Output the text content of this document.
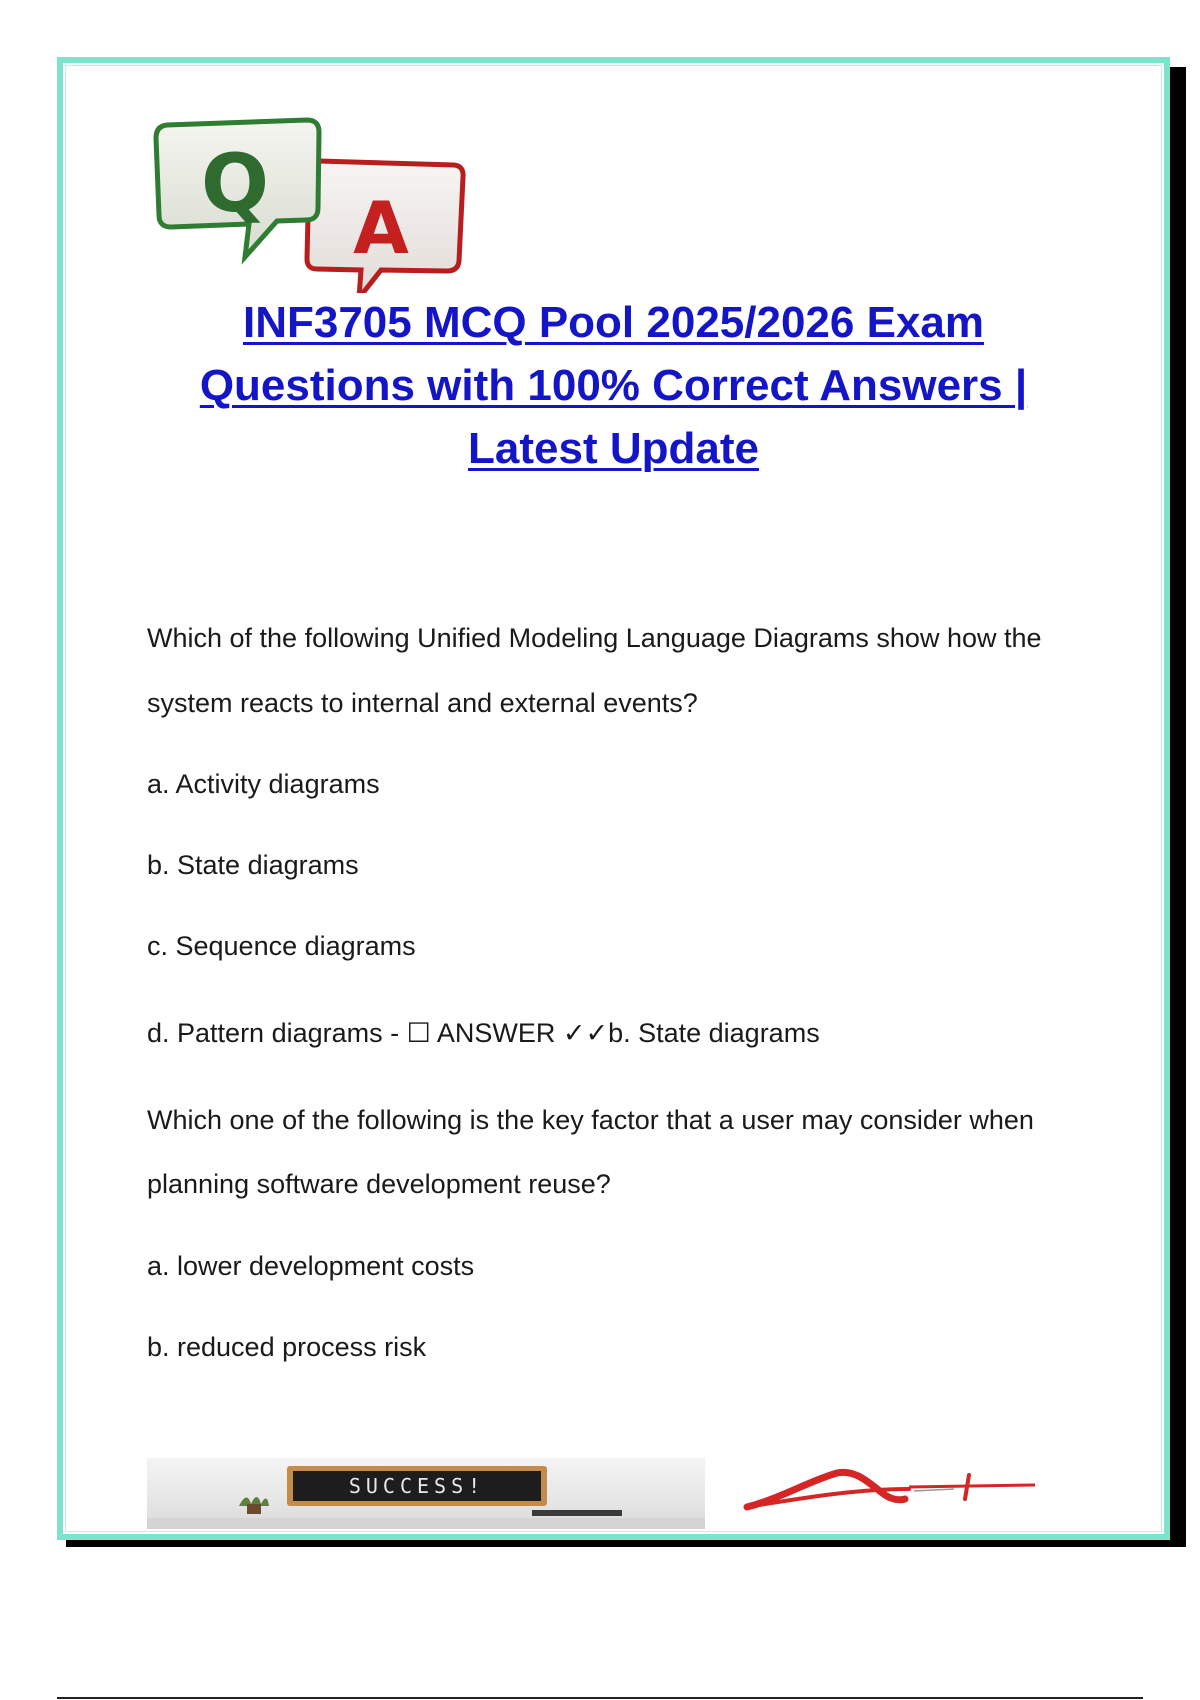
A
Q
INF3705 MCQ Pool 2025/2026 Exam
Questions with 100% Correct Answers |
Latest Update
Which of the following Unified Modeling Language Diagrams show how the
system reacts to internal and external events?
a. Activity diagrams
b. State diagrams
c. Sequence diagrams
d. Pattern diagrams - ☐ ANSWER ✓✓b. State diagrams
Which one of the following is the key factor that a user may consider when
planning software development reuse?
a. lower development costs
b. reduced process risk
SUCCESS!
